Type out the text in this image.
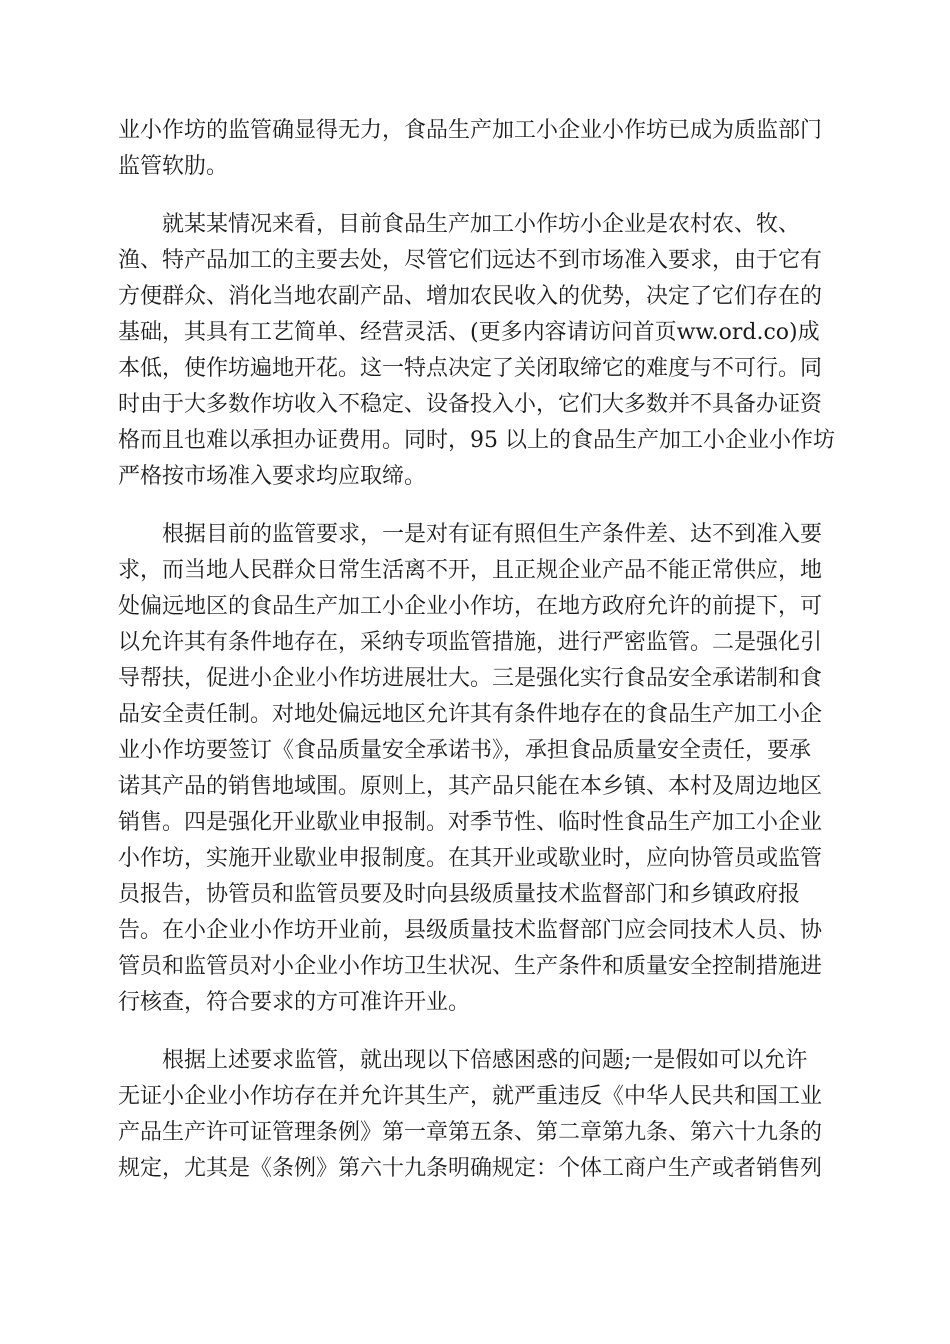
业小作坊的监管确显得无力，食品生产加工小企业小作坊已成为质监部门
监管软肋。

　　就某某情况来看，目前食品生产加工小作坊小企业是农村农、牧、
渔、特产品加工的主要去处，尽管它们远达不到市场准入要求，由于它有
方便群众、消化当地农副产品、增加农民收入的优势，决定了它们存在的
基础，其具有工艺简单、经营灵活、(更多内容请访问首页ww.ord.co)成
本低，使作坊遍地开花。这一特点决定了关闭取缔它的难度与不可行。同
时由于大多数作坊收入不稳定、设备投入小，它们大多数并不具备办证资
格而且也难以承担办证费用。同时，95 以上的食品生产加工小企业小作坊
严格按市场准入要求均应取缔。

　　根据目前的监管要求，一是对有证有照但生产条件差、达不到准入要
求，而当地人民群众日常生活离不开，且正规企业产品不能正常供应，地
处偏远地区的食品生产加工小企业小作坊，在地方政府允许的前提下，可
以允许其有条件地存在，采纳专项监管措施，进行严密监管。二是强化引
导帮扶，促进小企业小作坊进展壮大。三是强化实行食品安全承诺制和食
品安全责任制。对地处偏远地区允许其有条件地存在的食品生产加工小企
业小作坊要签订《食品质量安全承诺书》，承担食品质量安全责任，要承
诺其产品的销售地域围。原则上，其产品只能在本乡镇、本村及周边地区
销售。四是强化开业歇业申报制。对季节性、临时性食品生产加工小企业
小作坊，实施开业歇业申报制度。在其开业或歇业时，应向协管员或监管
员报告，协管员和监管员要及时向县级质量技术监督部门和乡镇政府报
告。在小企业小作坊开业前，县级质量技术监督部门应会同技术人员、协
管员和监管员对小企业小作坊卫生状况、生产条件和质量安全控制措施进
行核查，符合要求的方可准许开业。

　　根据上述要求监管，就出现以下倍感困惑的问题;一是假如可以允许
无证小企业小作坊存在并允许其生产，就严重违反《中华人民共和国工业
产品生产许可证管理条例》第一章第五条、第二章第九条、第六十九条的
规定，尤其是《条例》第六十九条明确规定：个体工商户生产或者销售列
